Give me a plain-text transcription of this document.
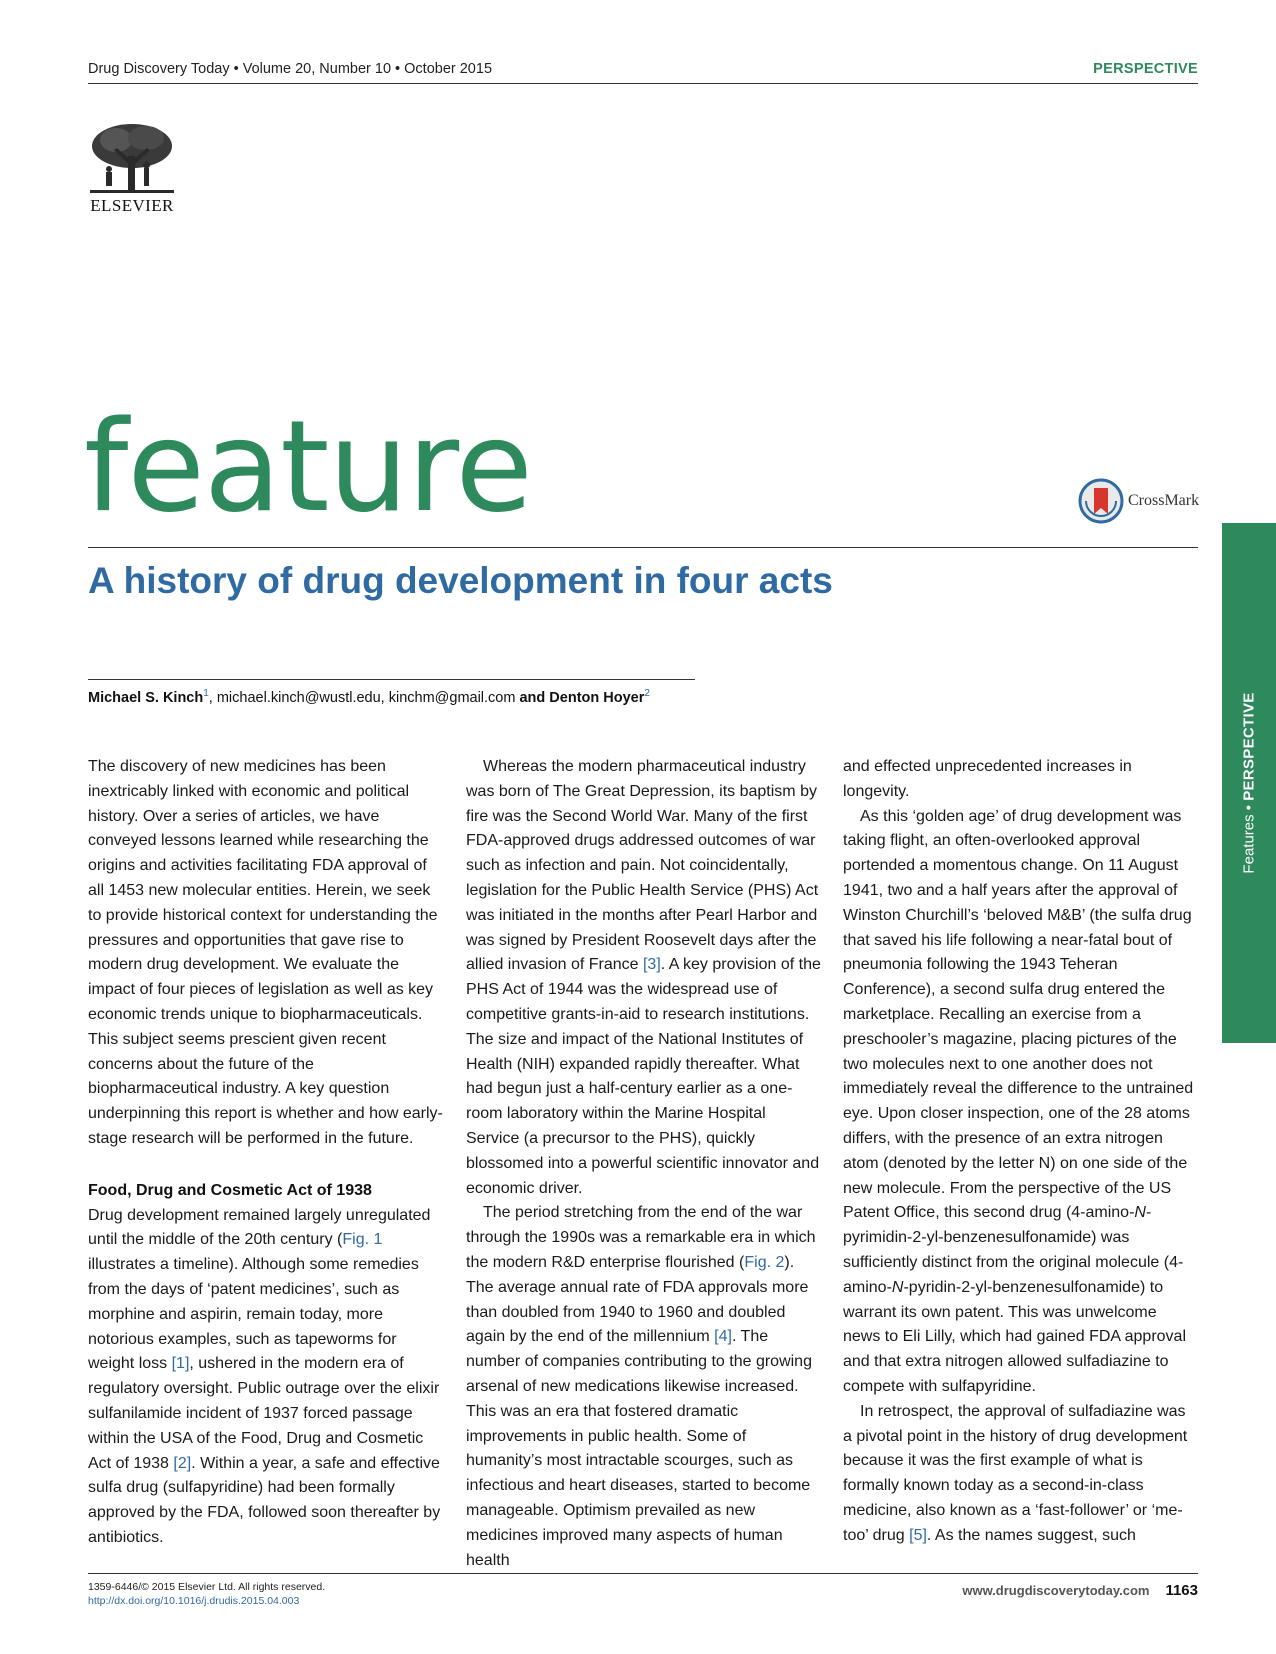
Drug Discovery Today • Volume 20, Number 10 • October 2015	PERSPECTIVE
ELSEVIER
feature	CrossMark
A history of drug development in four acts
Michael S. Kinch$^1$, michael.kinch@wustl.edu, kinchm@gmail.com and Denton Hoyer$^2$

The discovery of new medicines has been inextricably linked with economic and political history. Over a series of articles, we have conveyed lessons learned while researching the origins and activities facilitating FDA approval of all 1453 new molecular entities. Herein, we seek to provide historical context for understanding the pressures and opportunities that gave rise to modern drug development. We evaluate the impact of four pieces of legislation as well as key economic trends unique to biopharmaceuticals. This subject seems prescient given recent concerns about the future of the biopharmaceutical industry. A key question underpinning this report is whether and how early-stage research will be performed in the future.

Food, Drug and Cosmetic Act of 1938

Drug development remained largely unregulated until the middle of the 20th century (Fig. 1 illustrates a timeline). Although some remedies from the days of ‘patent medicines’, such as morphine and aspirin, remain today, more notorious examples, such as tapeworms for weight loss [1], ushered in the modern era of regulatory oversight. Public outrage over the elixir sulfanilamide incident of 1937 forced passage within the USA of the Food, Drug and Cosmetic Act of 1938 [2]. Within a year, a safe and effective sulfa drug (sulfapyridine) had been formally approved by the FDA, followed soon thereafter by antibiotics.

Whereas the modern pharmaceutical industry was born of The Great Depression, its baptism by fire was the Second World War. Many of the first FDA-approved drugs addressed outcomes of war such as infection and pain. Not coincidentally, legislation for the Public Health Service (PHS) Act was initiated in the months after Pearl Harbor and was signed by President Roosevelt days after the allied invasion of France [3]. A key provision of the PHS Act of 1944 was the widespread use of competitive grants-in-aid to research institutions. The size and impact of the National Institutes of Health (NIH) expanded rapidly thereafter. What had begun just a half-century earlier as a one-room laboratory within the Marine Hospital Service (a precursor to the PHS), quickly blossomed into a powerful scientific innovator and economic driver.

The period stretching from the end of the war through the 1990s was a remarkable era in which the modern R&D enterprise flourished (Fig. 2). The average annual rate of FDA approvals more than doubled from 1940 to 1960 and doubled again by the end of the millennium [4]. The number of companies contributing to the growing arsenal of new medications likewise increased. This was an era that fostered dramatic improvements in public health. Some of humanity’s most intractable scourges, such as infectious and heart diseases, started to become manageable. Optimism prevailed as new medicines improved many aspects of human health

and effected unprecedented increases in longevity.

As this ‘golden age’ of drug development was taking flight, an often-overlooked approval portended a momentous change. On 11 August 1941, two and a half years after the approval of Winston Churchill’s ‘beloved M&B’ (the sulfa drug that saved his life following a near-fatal bout of pneumonia following the 1943 Teheran Conference), a second sulfa drug entered the marketplace. Recalling an exercise from a preschooler’s magazine, placing pictures of the two molecules next to one another does not immediately reveal the difference to the untrained eye. Upon closer inspection, one of the 28 atoms differs, with the presence of an extra nitrogen atom (denoted by the letter N) on one side of the new molecule. From the perspective of the US Patent Office, this second drug (4-amino-N-pyrimidin-2-yl-benzenesulfonamide) was sufficiently distinct from the original molecule (4-amino-N-pyridin-2-yl-benzenesulfonamide) to warrant its own patent. This was unwelcome news to Eli Lilly, which had gained FDA approval and that extra nitrogen allowed sulfadiazine to compete with sulfapyridine.

In retrospect, the approval of sulfadiazine was a pivotal point in the history of drug development because it was the first example of what is formally known today as a second-in-class medicine, also known as a ‘fast-follower’ or ‘me-too’ drug [5]. As the names suggest, such

Features • PERSPECTIVE
1359-6446/© 2015 Elsevier Ltd. All rights reserved.
http://dx.doi.org/10.1016/j.drudis.2015.04.003
www.drugdiscoverytoday.com 1163
